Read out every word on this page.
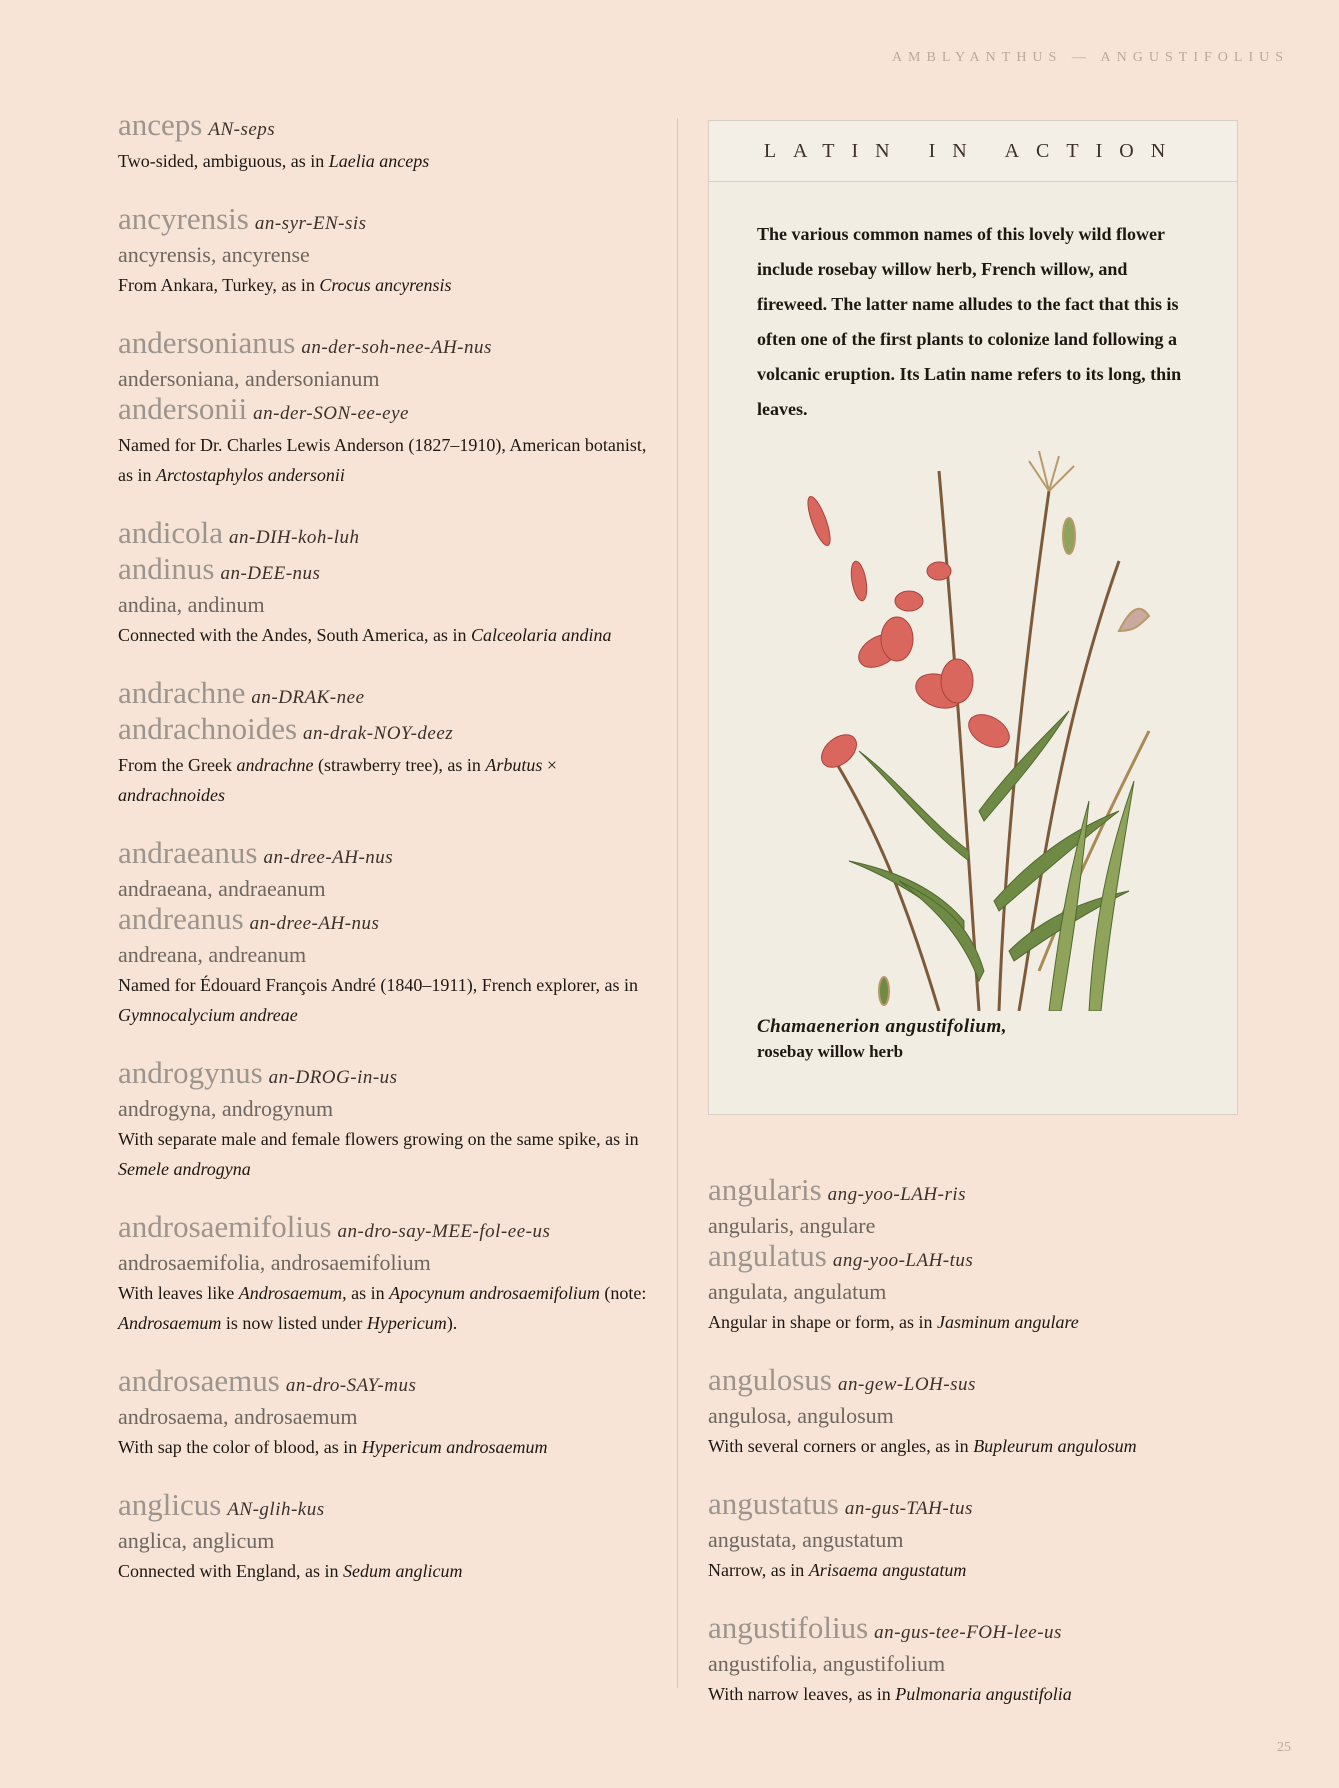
AMBLYANTHUS — ANGUSTIFOLIUS
anceps AN-seps
Two-sided, ambiguous, as in Laelia anceps
ancyrensis an-syr-EN-sis
ancyrensis, ancyrense
From Ankara, Turkey, as in Crocus ancyrensis
andersonianus an-der-soh-nee-AH-nus
andersoniana, andersonianum
andersonii an-der-SON-ee-eye
Named for Dr. Charles Lewis Anderson (1827–1910), American botanist, as in Arctostaphylos andersonii
andicola an-DIH-koh-luh
andinus an-DEE-nus
andina, andinum
Connected with the Andes, South America, as in Calceolaria andina
andrachne an-DRAK-nee
andrachnoides an-drak-NOY-deez
From the Greek andrachne (strawberry tree), as in Arbutus × andrachnoides
andraeanus an-dree-AH-nus
andraeana, andraeanum
andreanus an-dree-AH-nus
andreana, andreanum
Named for Édouard François André (1840–1911), French explorer, as in Gymnocalycium andreae
androgynus an-DROG-in-us
androgyna, androgynum
With separate male and female flowers growing on the same spike, as in Semele androgyna
androsaemifolius an-dro-say-MEE-fol-ee-us
androsaemifolia, androsaemifolium
With leaves like Androsaemum, as in Apocynum androsaemifolium (note: Androsaemum is now listed under Hypericum).
androsaemus an-dro-SAY-mus
androsaema, androsaemum
With sap the color of blood, as in Hypericum androsaemum
anglicus AN-glih-kus
anglica, anglicum
Connected with England, as in Sedum anglicum
LATIN IN ACTION
The various common names of this lovely wild flower include rosebay willow herb, French willow, and fireweed. The latter name alludes to the fact that this is often one of the first plants to colonize land following a volcanic eruption. Its Latin name refers to its long, thin leaves.
Chamaenerion angustifolium,
rosebay willow herb
angularis ang-yoo-LAH-ris
angularis, angulare
angulatus ang-yoo-LAH-tus
angulata, angulatum
Angular in shape or form, as in Jasminum angulare
angulosus an-gew-LOH-sus
angulosa, angulosum
With several corners or angles, as in Bupleurum angulosum
angustatus an-gus-TAH-tus
angustata, angustatum
Narrow, as in Arisaema angustatum
angustifolius an-gus-tee-FOH-lee-us
angustifolia, angustifolium
With narrow leaves, as in Pulmonaria angustifolia
25
